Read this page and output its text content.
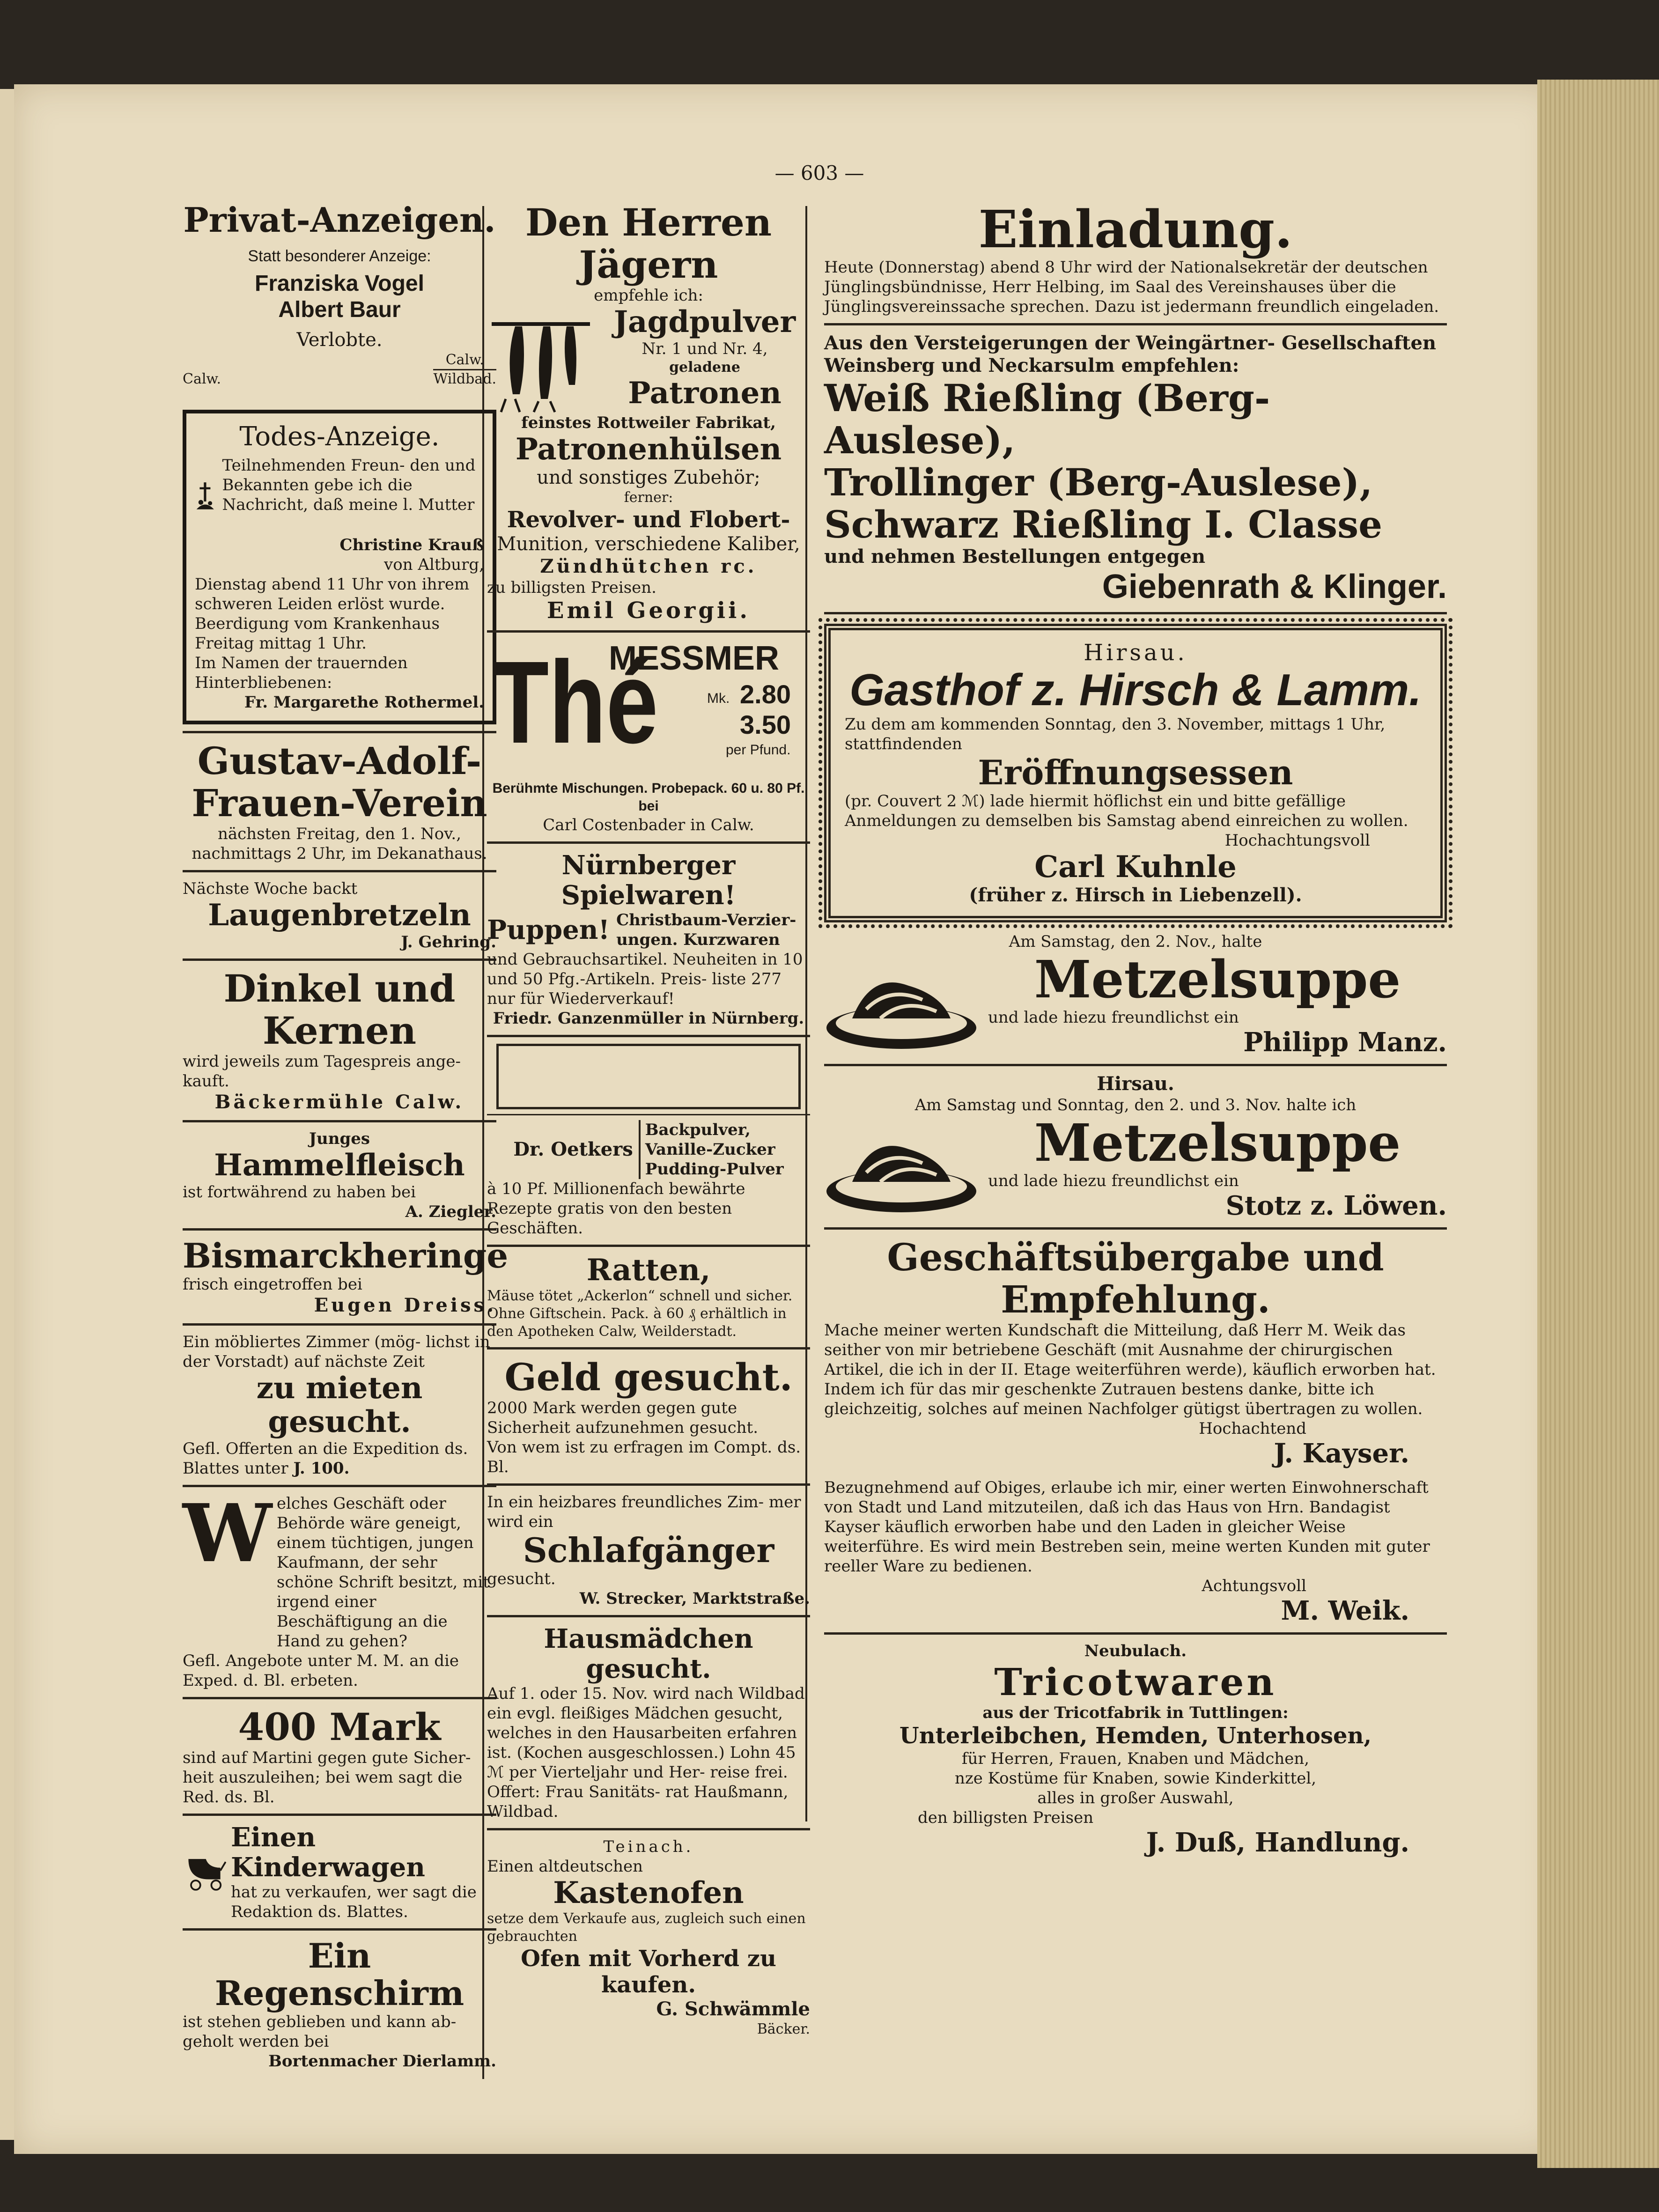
— 603 —
Privat-Anzeigen.
Statt besonderer Anzeige:
Franziska Vogel
Albert Baur
Verlobte.
Calw.
Calw.
Wildbad.
Todes-Anzeige.
Teilnehmenden Freun- den und Bekannten gebe ich die Nachricht, daß meine l. Mutter
Christine Krauß
von Altburg,
Dienstag abend 11 Uhr von ihrem schweren Leiden erlöst wurde.
Beerdigung vom Krankenhaus Freitag mittag 1 Uhr.
Im Namen der trauernden Hinterbliebenen:
Fr. Margarethe Rothermel.
Gustav-Adolf-
Frauen-Verein
nächsten Freitag, den 1. Nov., nachmittags 2 Uhr, im Dekanathaus.
Nächste Woche backt
Laugenbretzeln
J. Gehring.
Dinkel und Kernen
wird jeweils zum Tagespreis ange- kauft.
Bäckermühle Calw.
Junges
Hammelfleisch
ist fortwährend zu haben bei
A. Ziegler.
Bismarckheringe
frisch eingetroffen bei
Eugen Dreiss.
Ein möbliertes Zimmer (mög- lichst in der Vorstadt) auf nächste Zeit
zu mieten gesucht.
Gefl. Offerten an die Expedition ds. Blattes unter J. 100.
W elches Geschäft oder Behörde wäre geneigt, einem tüchtigen, jungen Kaufmann, der sehr schöne Schrift besitzt, mit irgend einer Beschäftigung an die Hand zu gehen?
Gefl. Angebote unter M. M. an die Exped. d. Bl. erbeten.
400 Mark
sind auf Martini gegen gute Sicher- heit auszuleihen; bei wem sagt die Red. ds. Bl.
Einen Kinderwagen
hat zu verkaufen, wer sagt die Redaktion ds. Blattes.
Ein Regenschirm
ist stehen geblieben und kann ab- geholt werden bei
Bortenmacher Dierlamm.
Den Herren Jägern
empfehle ich:
Jagdpulver
Nr. 1 und Nr. 4,
geladene
Patronen
feinstes Rottweiler Fabrikat,
Patronenhülsen
und sonstiges Zubehör;
ferner:
Revolver- und Flobert-
Munition, verschiedene Kaliber,
Zündhütchen rc.
zu billigsten Preisen.
Emil Georgii.
Thé
MESSMER
Mk. 2.80
3.50
per Pfund.
Berühmte Mischungen. Probepack. 60 u. 80 Pf. bei
Carl Costenbader in Calw.
Nürnberger Spielwaren!
Puppen! Christbaum-Verzier- ungen. Kurzwaren
und Gebrauchsartikel. Neuheiten in 10 und 50 Pfg.-Artikeln. Preis- liste 277 nur für Wiederverkauf!
Friedr. Ganzenmüller in Nürnberg.
Dr. Oetkers
Backpulver,
Vanille-Zucker
Pudding-Pulver
à 10 Pf. Millionenfach bewährte Rezepte gratis von den besten Geschäften.
Ratten,
Mäuse tötet „Ackerlon“ schnell und sicher. Ohne Giftschein. Pack. à 60 ₰ erhältlich in den Apotheken Calw, Weilderstadt.
Geld gesucht.
2000 Mark werden gegen gute Sicherheit aufzunehmen gesucht.
Von wem ist zu erfragen im Compt. ds. Bl.
In ein heizbares freundliches Zim- mer wird ein
Schlafgänger
gesucht.
W. Strecker, Marktstraße.
Hausmädchen gesucht.
Auf 1. oder 15. Nov. wird nach Wildbad ein evgl. fleißiges Mädchen gesucht, welches in den Hausarbeiten erfahren ist. (Kochen ausgeschlossen.) Lohn 45 ℳ per Vierteljahr und Her- reise frei. Offert: Frau Sanitäts- rat Haußmann, Wildbad.
Teinach.
Einen altdeutschen
Kastenofen
setze dem Verkaufe aus, zugleich such einen gebrauchten
Ofen mit Vorherd zu kaufen.
G. Schwämmle
Bäcker.
Einladung.
Heute (Donnerstag) abend 8 Uhr wird der Nationalsekretär der deutschen Jünglingsbündnisse, Herr Helbing, im Saal des Vereinshauses über die Jünglingsvereinssache sprechen. Dazu ist jedermann freundlich eingeladen.
Aus den Versteigerungen der Weingärtner- Gesellschaften Weinsberg und Neckarsulm empfehlen:
Weiß Rießling (Berg-Auslese),
Trollinger (Berg-Auslese),
Schwarz Rießling I. Classe
und nehmen Bestellungen entgegen
Giebenrath & Klinger.
Hirsau.
Gasthof z. Hirsch & Lamm.
Zu dem am kommenden Sonntag, den 3. November, mittags 1 Uhr, stattfindenden
Eröffnungsessen
(pr. Couvert 2 ℳ) lade hiermit höflichst ein und bitte gefällige Anmeldungen zu demselben bis Samstag abend einreichen zu wollen.
Hochachtungsvoll
Carl Kuhnle
(früher z. Hirsch in Liebenzell).
Am Samstag, den 2. Nov., halte
Metzelsuppe
und lade hiezu freundlichst ein
Philipp Manz.
Hirsau.
Am Samstag und Sonntag, den 2. und 3. Nov. halte ich
Metzelsuppe
und lade hiezu freundlichst ein
Stotz z. Löwen.
Geschäftsübergabe und Empfehlung.
Mache meiner werten Kundschaft die Mitteilung, daß Herr M. Weik das seither von mir betriebene Geschäft (mit Ausnahme der chirurgischen Artikel, die ich in der II. Etage weiterführen werde), käuflich erworben hat. Indem ich für das mir geschenkte Zutrauen bestens danke, bitte ich gleichzeitig, solches auf meinen Nachfolger gütigst übertragen zu wollen.
Hochachtend
J. Kayser.
Bezugnehmend auf Obiges, erlaube ich mir, einer werten Einwohnerschaft von Stadt und Land mitzuteilen, daß ich das Haus von Hrn. Bandagist Kayser käuflich erworben habe und den Laden in gleicher Weise weiterführe. Es wird mein Bestreben sein, meine werten Kunden mit guter reeller Ware zu bedienen.
Achtungsvoll
M. Weik.
Neubulach.
Tricotwaren
aus der Tricotfabrik in Tuttlingen:
Unterleibchen, Hemden, Unterhosen,
für Herren, Frauen, Knaben und Mädchen,
nze Kostüme für Knaben, sowie Kinderkittel,
alles in großer Auswahl,
den billigsten Preisen
J. Duß, Handlung.
